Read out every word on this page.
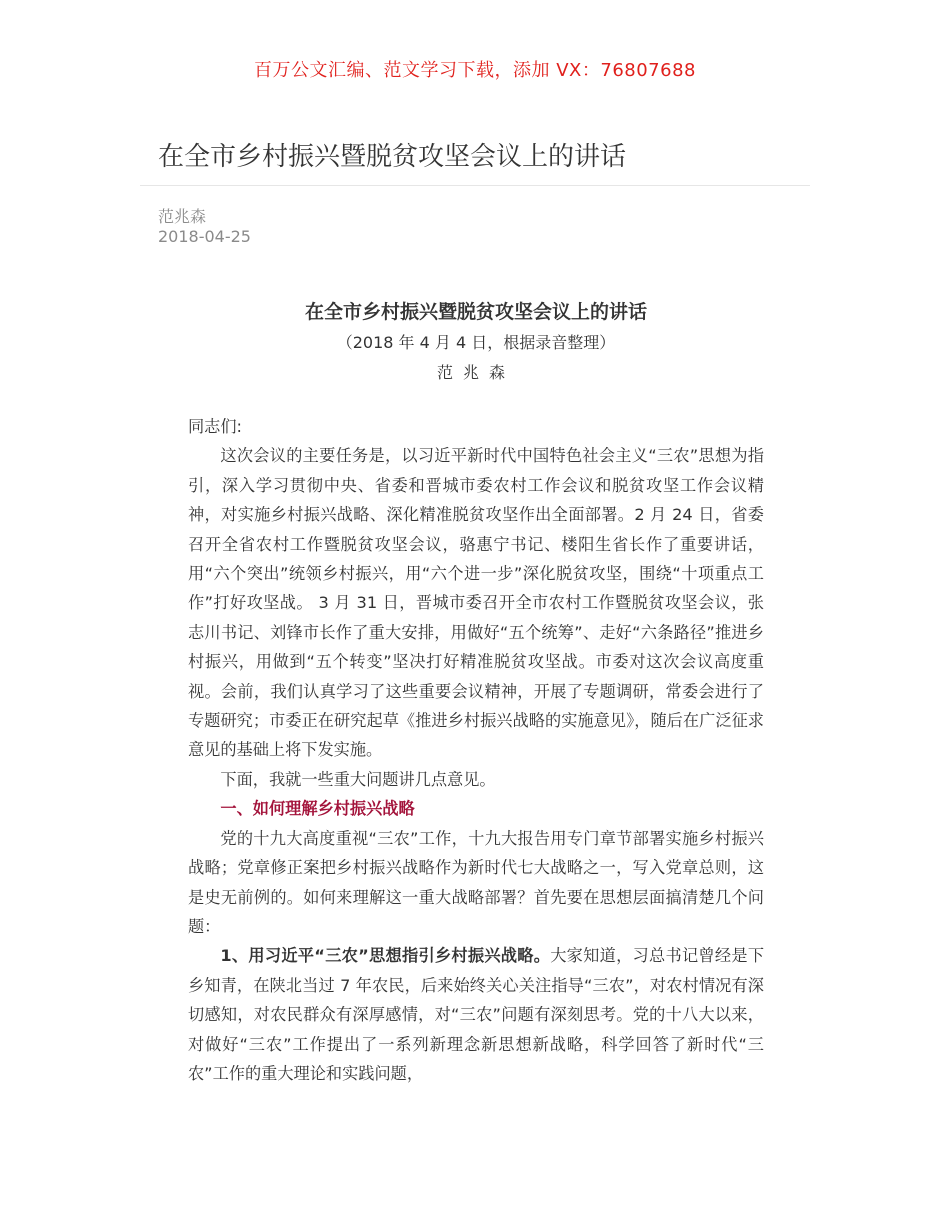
百万公文汇编、范文学习下载，添加 VX：76807688
在全市乡村振兴暨脱贫攻坚会议上的讲话
范兆森
2018-04-25
在全市乡村振兴暨脱贫攻坚会议上的讲话
（2018 年 4 月 4 日，根据录音整理）
范兆森

同志们:

这次会议的主要任务是，以习近平新时代中国特色社会主义“三农”思想为指引，深入学习贯彻中央、省委和晋城市委农村工作会议和脱贫攻坚工作会议精神，对实施乡村振兴战略、深化精准脱贫攻坚作出全面部署。2 月 24 日，省委召开全省农村工作暨脱贫攻坚会议，骆惠宁书记、楼阳生省长作了重要讲话，用“六个突出”统领乡村振兴，用“六个进一步”深化脱贫攻坚，围绕“十项重点工作”打好攻坚战。 3 月 31 日，晋城市委召开全市农村工作暨脱贫攻坚会议，张志川书记、刘锋市长作了重大安排，用做好“五个统筹”、走好“六条路径”推进乡村振兴，用做到“五个转变”坚决打好精准脱贫攻坚战。市委对这次会议高度重视。会前，我们认真学习了这些重要会议精神，开展了专题调研，常委会进行了专题研究；市委正在研究起草《推进乡村振兴战略的实施意见》，随后在广泛征求意见的基础上将下发实施。

下面，我就一些重大问题讲几点意见。

一、如何理解乡村振兴战略

党的十九大高度重视“三农”工作，十九大报告用专门章节部署实施乡村振兴战略；党章修正案把乡村振兴战略作为新时代七大战略之一，写入党章总则，这是史无前例的。如何来理解这一重大战略部署？首先要在思想层面搞清楚几个问题：

1、用习近平“三农”思想指引乡村振兴战略。大家知道，习总书记曾经是下乡知青，在陕北当过 7 年农民，后来始终关心关注指导“三农”，对农村情况有深切感知，对农民群众有深厚感情，对“三农”问题有深刻思考。党的十八大以来，对做好“三农”工作提出了一系列新理念新思想新战略，科学回答了新时代“三农”工作的重大理论和实践问题，
